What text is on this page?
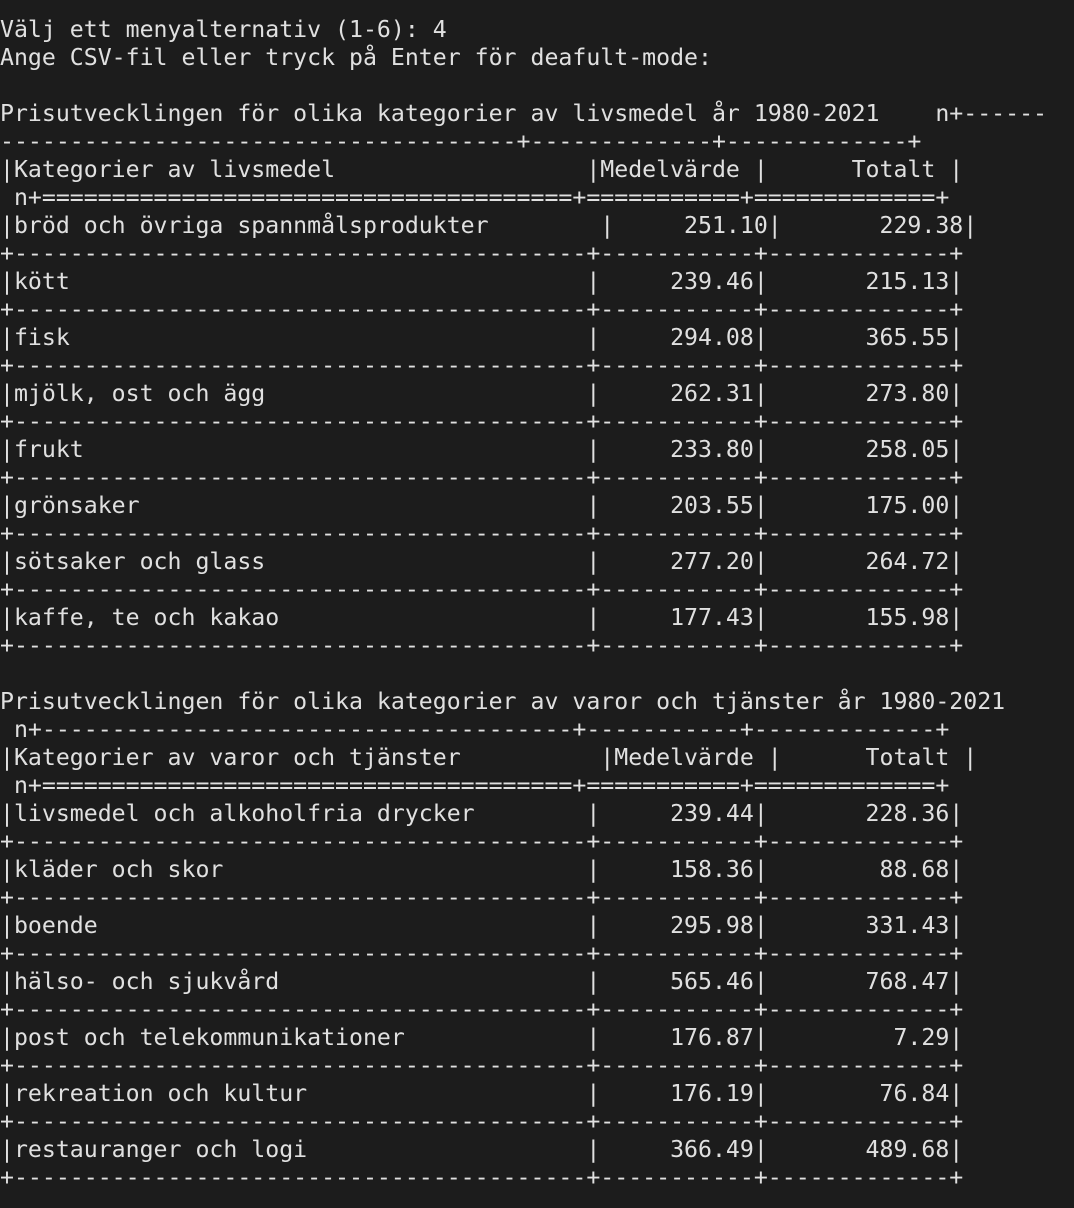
Välj ett menyalternativ (1-6): 4
Ange CSV-fil eller tryck på Enter för deafult-mode:
Prisutvecklingen för olika kategorier av livsmedel år 1980-2021    n+------
-------------------------------------+-------------+-------------+
|Kategorier av livsmedel                  |Medelvärde |      Totalt |
n+======================================+===========+=============+
|bröd och övriga spannmålsprodukter        |     251.10|       229.38|
+-----------------------------------------+-----------+-------------+
|kött                                     |     239.46|       215.13|
+-----------------------------------------+-----------+-------------+
|fisk                                     |     294.08|       365.55|
+-----------------------------------------+-----------+-------------+
|mjölk, ost och ägg                       |     262.31|       273.80|
+-----------------------------------------+-----------+-------------+
|frukt                                    |     233.80|       258.05|
+-----------------------------------------+-----------+-------------+
|grönsaker                                |     203.55|       175.00|
+-----------------------------------------+-----------+-------------+
|sötsaker och glass                       |     277.20|       264.72|
+-----------------------------------------+-----------+-------------+
|kaffe, te och kakao                      |     177.43|       155.98|
+-----------------------------------------+-----------+-------------+
Prisutvecklingen för olika kategorier av varor och tjänster år 1980-2021
n+--------------------------------------+-----------+-------------+
|Kategorier av varor och tjänster          |Medelvärde |      Totalt |
n+======================================+===========+=============+
|livsmedel och alkoholfria drycker        |     239.44|       228.36|
+-----------------------------------------+-----------+-------------+
|kläder och skor                          |     158.36|        88.68|
+-----------------------------------------+-----------+-------------+
|boende                                   |     295.98|       331.43|
+-----------------------------------------+-----------+-------------+
|hälso- och sjukvård                      |     565.46|       768.47|
+-----------------------------------------+-----------+-------------+
|post och telekommunikationer             |     176.87|         7.29|
+-----------------------------------------+-----------+-------------+
|rekreation och kultur                    |     176.19|        76.84|
+-----------------------------------------+-----------+-------------+
|restauranger och logi                    |     366.49|       489.68|
+-----------------------------------------+-----------+-------------+
